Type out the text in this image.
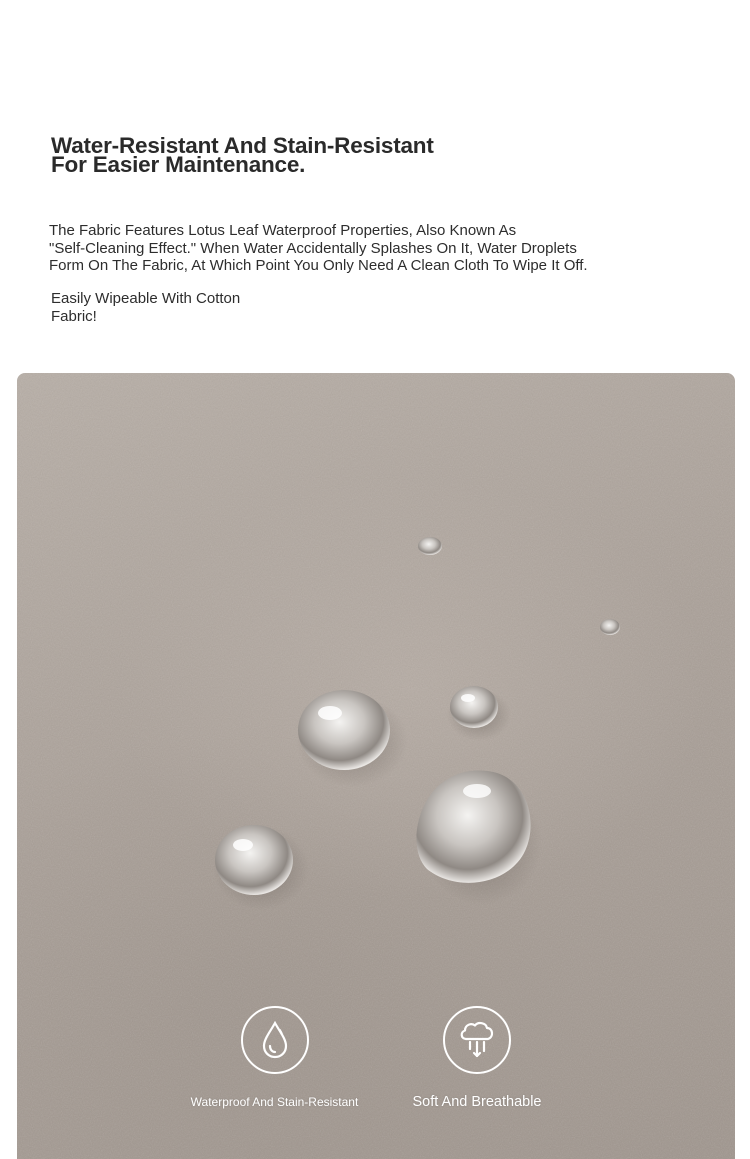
Water-Resistant And Stain-Resistant
For Easier Maintenance.

The Fabric Features Lotus Leaf Waterproof Properties, Also Known As
"Self-Cleaning Effect." When Water Accidentally Splashes On It, Water Droplets
Form On The Fabric, At Which Point You Only Need A Clean Cloth To Wipe It Off.

Easily Wipeable With Cotton
Fabric!

Waterproof And Stain-Resistant	Soft And Breathable
